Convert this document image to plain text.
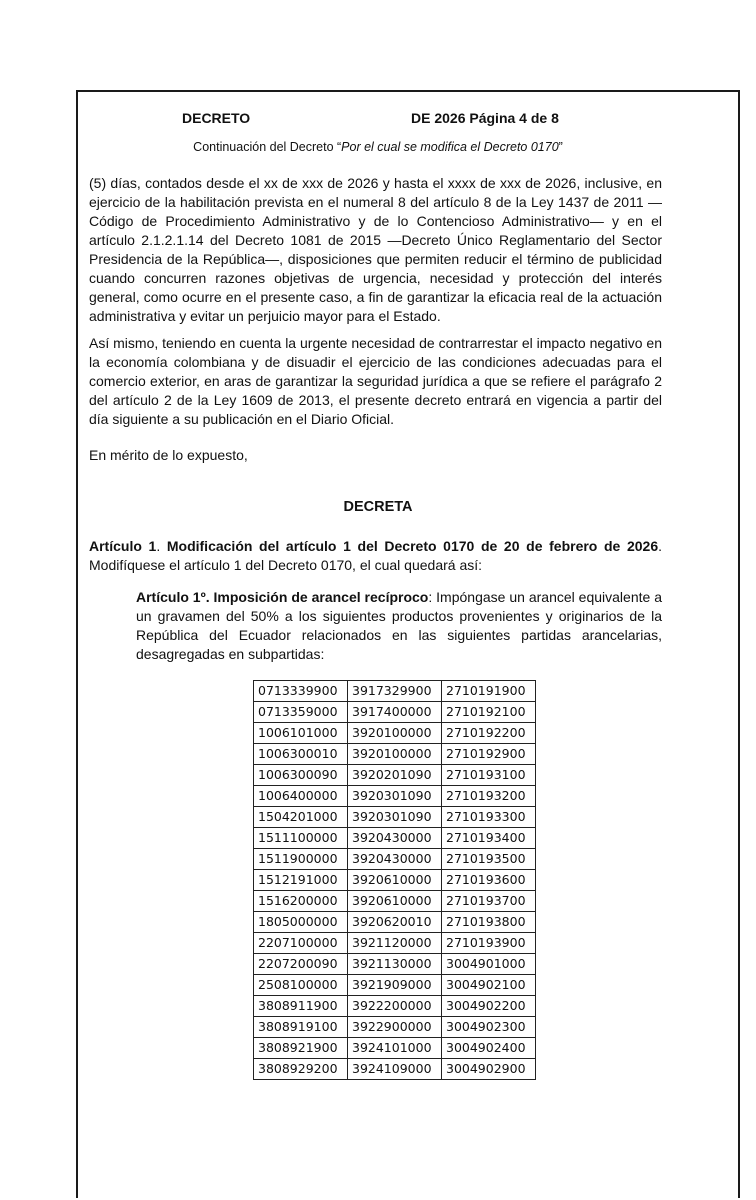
DECRETO	DE 2026 Página 4 de 8
Continuación del Decreto “Por el cual se modifica el Decreto 0170”
(5) días, contados desde el xx de xxx de 2026 y hasta el xxxx de xxx de 2026, inclusive, en ejercicio de la habilitación prevista en el numeral 8 del artículo 8 de la Ley 1437 de 2011 —Código de Procedimiento Administrativo y de lo Contencioso Administrativo— y en el artículo 2.1.2.1.14 del Decreto 1081 de 2015 —Decreto Único Reglamentario del Sector Presidencia de la República—, disposiciones que permiten reducir el término de publicidad cuando concurren razones objetivas de urgencia, necesidad y protección del interés general, como ocurre en el presente caso, a fin de garantizar la eficacia real de la actuación administrativa y evitar un perjuicio mayor para el Estado.
Así mismo, teniendo en cuenta la urgente necesidad de contrarrestar el impacto negativo en la economía colombiana y de disuadir el ejercicio de las condiciones adecuadas para el comercio exterior, en aras de garantizar la seguridad jurídica a que se refiere el parágrafo 2 del artículo 2 de la Ley 1609 de 2013, el presente decreto entrará en vigencia a partir del día siguiente a su publicación en el Diario Oficial.
En mérito de lo expuesto,
DECRETA
Artículo 1. Modificación del artículo 1 del Decreto 0170 de 20 de febrero de 2026. Modifíquese el artículo 1 del Decreto 0170, el cual quedará así:
Artículo 1º. Imposición de arancel recíproco: Impóngase un arancel equivalente a un gravamen del 50% a los siguientes productos provenientes y originarios de la República del Ecuador relacionados en las siguientes partidas arancelarias, desagregadas en subpartidas:
0713339900	3917329900	2710191900
0713359000	3917400000	2710192100
1006101000	3920100000	2710192200
1006300010	3920100000	2710192900
1006300090	3920201090	2710193100
1006400000	3920301090	2710193200
1504201000	3920301090	2710193300
1511100000	3920430000	2710193400
1511900000	3920430000	2710193500
1512191000	3920610000	2710193600
1516200000	3920610000	2710193700
1805000000	3920620010	2710193800
2207100000	3921120000	2710193900
2207200090	3921130000	3004901000
2508100000	3921909000	3004902100
3808911900	3922200000	3004902200
3808919100	3922900000	3004902300
3808921900	3924101000	3004902400
3808929200	3924109000	3004902900
